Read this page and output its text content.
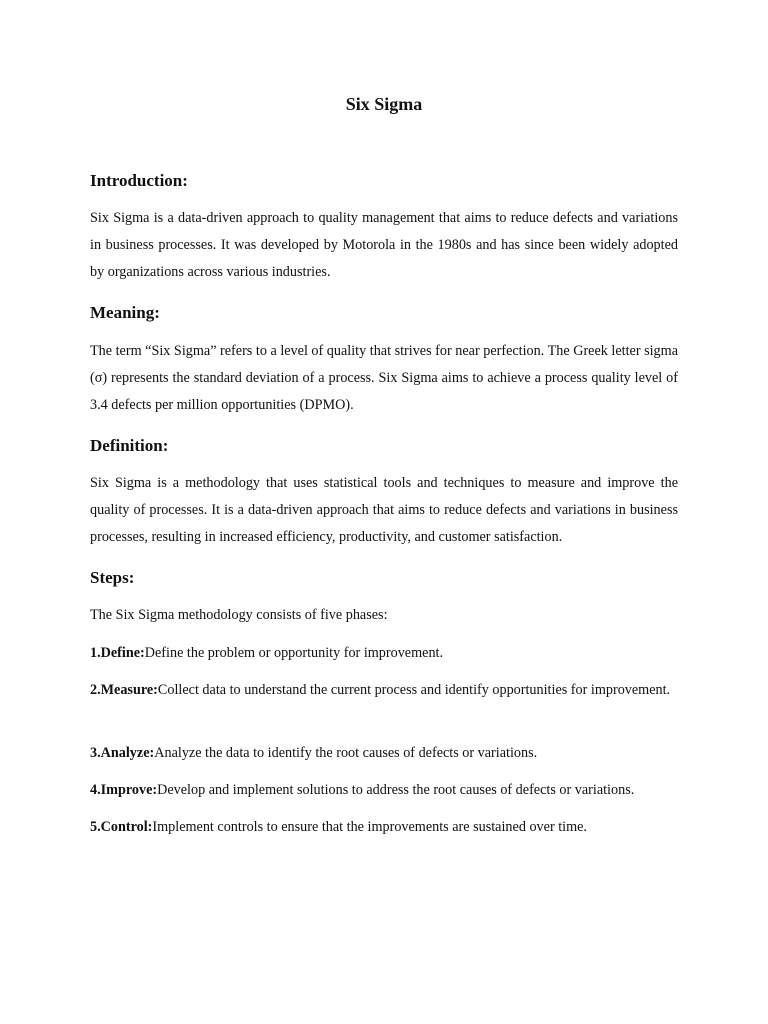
Six Sigma
Introduction:

Six Sigma is a data-driven approach to quality management that aims to reduce defects and variations in business processes. It was developed by Motorola in the 1980s and has since been widely adopted by organizations across various industries.

Meaning:

The term “Six Sigma” refers to a level of quality that strives for near perfection. The Greek letter sigma (σ) represents the standard deviation of a process. Six Sigma aims to achieve a process quality level of 3.4 defects per million opportunities (DPMO).

Definition:

Six Sigma is a methodology that uses statistical tools and techniques to measure and improve the quality of processes. It is a data-driven approach that aims to reduce defects and variations in business processes, resulting in increased efficiency, productivity, and customer satisfaction.

Steps:

The Six Sigma methodology consists of five phases:

1.Define:Define the problem or opportunity for improvement.

2.Measure:Collect data to understand the current process and identify opportunities for improvement.

3.Analyze:Analyze the data to identify the root causes of defects or variations.

4.Improve:Develop and implement solutions to address the root causes of defects or variations.

5.Control:Implement controls to ensure that the improvements are sustained over time.
